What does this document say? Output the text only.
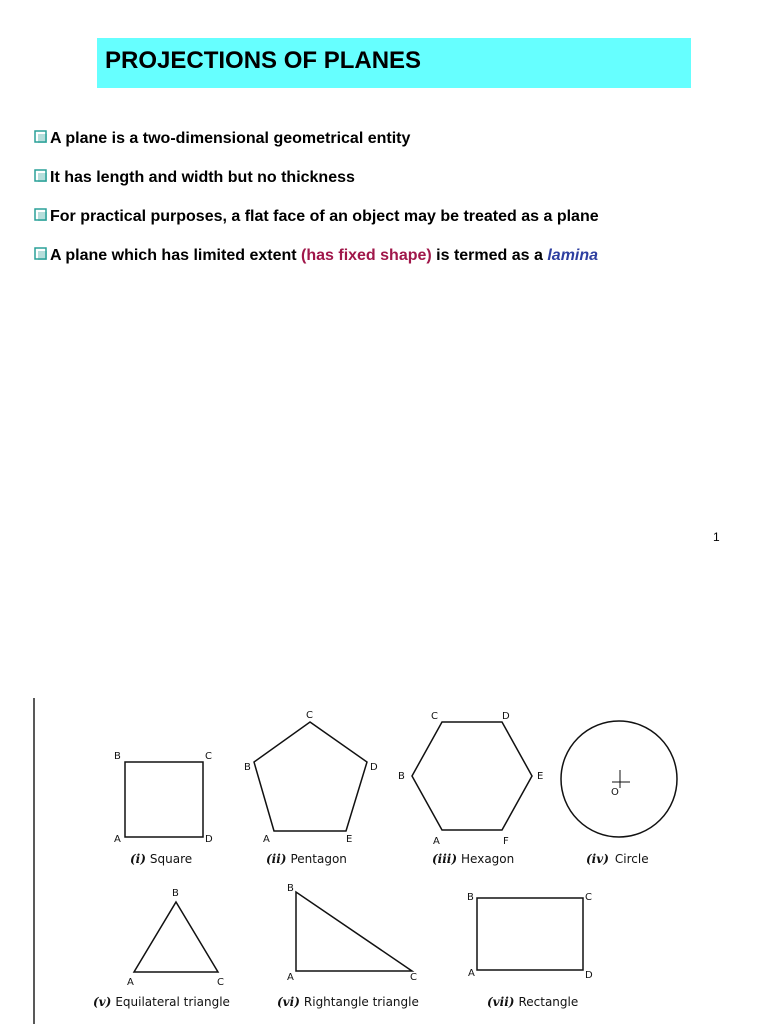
PROJECTIONS OF PLANES
A plane is a two-dimensional geometrical entity
It has length and width but no thickness
For practical purposes, a flat face of an object may be treated as a plane
A plane which has limited extent (has fixed shape) is termed as a lamina
1
B	C
A	D
(i) Square
C
B	D
A	E
(ii) Pentagon
C	D
B	E
A	F
(iii) Hexagon
O
(iv) Circle
B
A	C
(v) Equilateral triangle
B
A	C
(vi) Rightangle triangle
B	C
A	D
(vii) Rectangle
